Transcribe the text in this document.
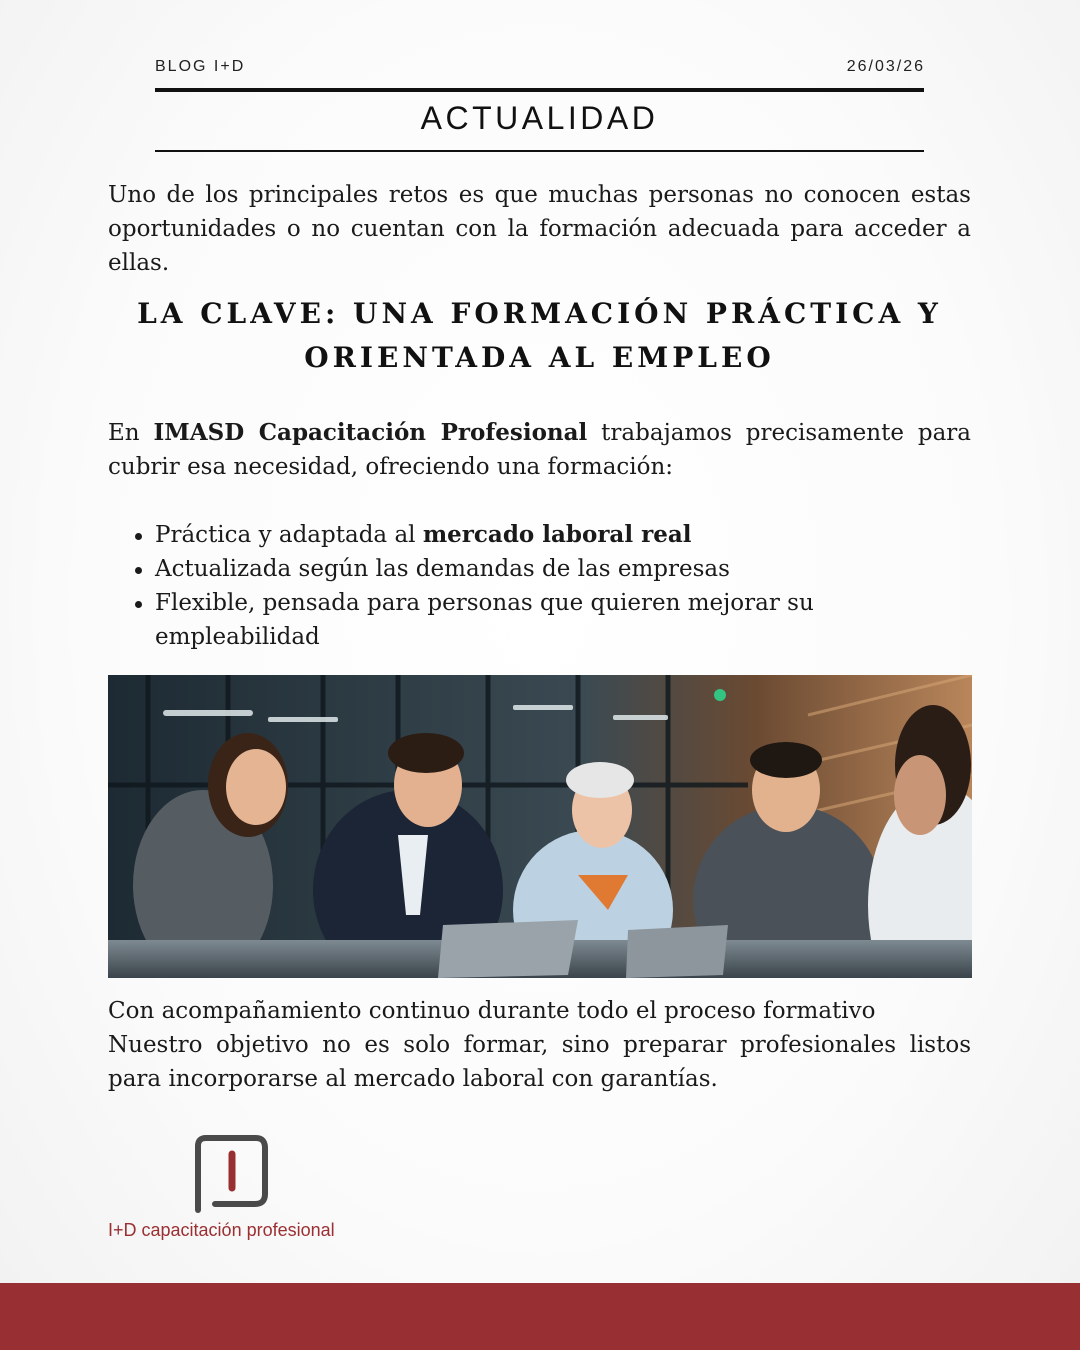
BLOG I+D	26/03/26
ACTUALIDAD

Uno de los principales retos es que muchas personas no conocen estas oportunidades o no cuentan con la formación adecuada para acceder a ellas.

LA CLAVE: UNA FORMACIÓN PRÁCTICA Y
ORIENTADA AL EMPLEO

En IMASD Capacitación Profesional trabajamos precisamente para cubrir esa necesidad, ofreciendo una formación:

Práctica y adaptada al mercado laboral real
Actualizada según las demandas de las empresas
Flexible, pensada para personas que quieren mejorar su empleabilidad

Con acompañamiento continuo durante todo el proceso formativo

Nuestro objetivo no es solo formar, sino preparar profesionales listos para incorporarse al mercado laboral con garantías.

I+D capacitación profesional
